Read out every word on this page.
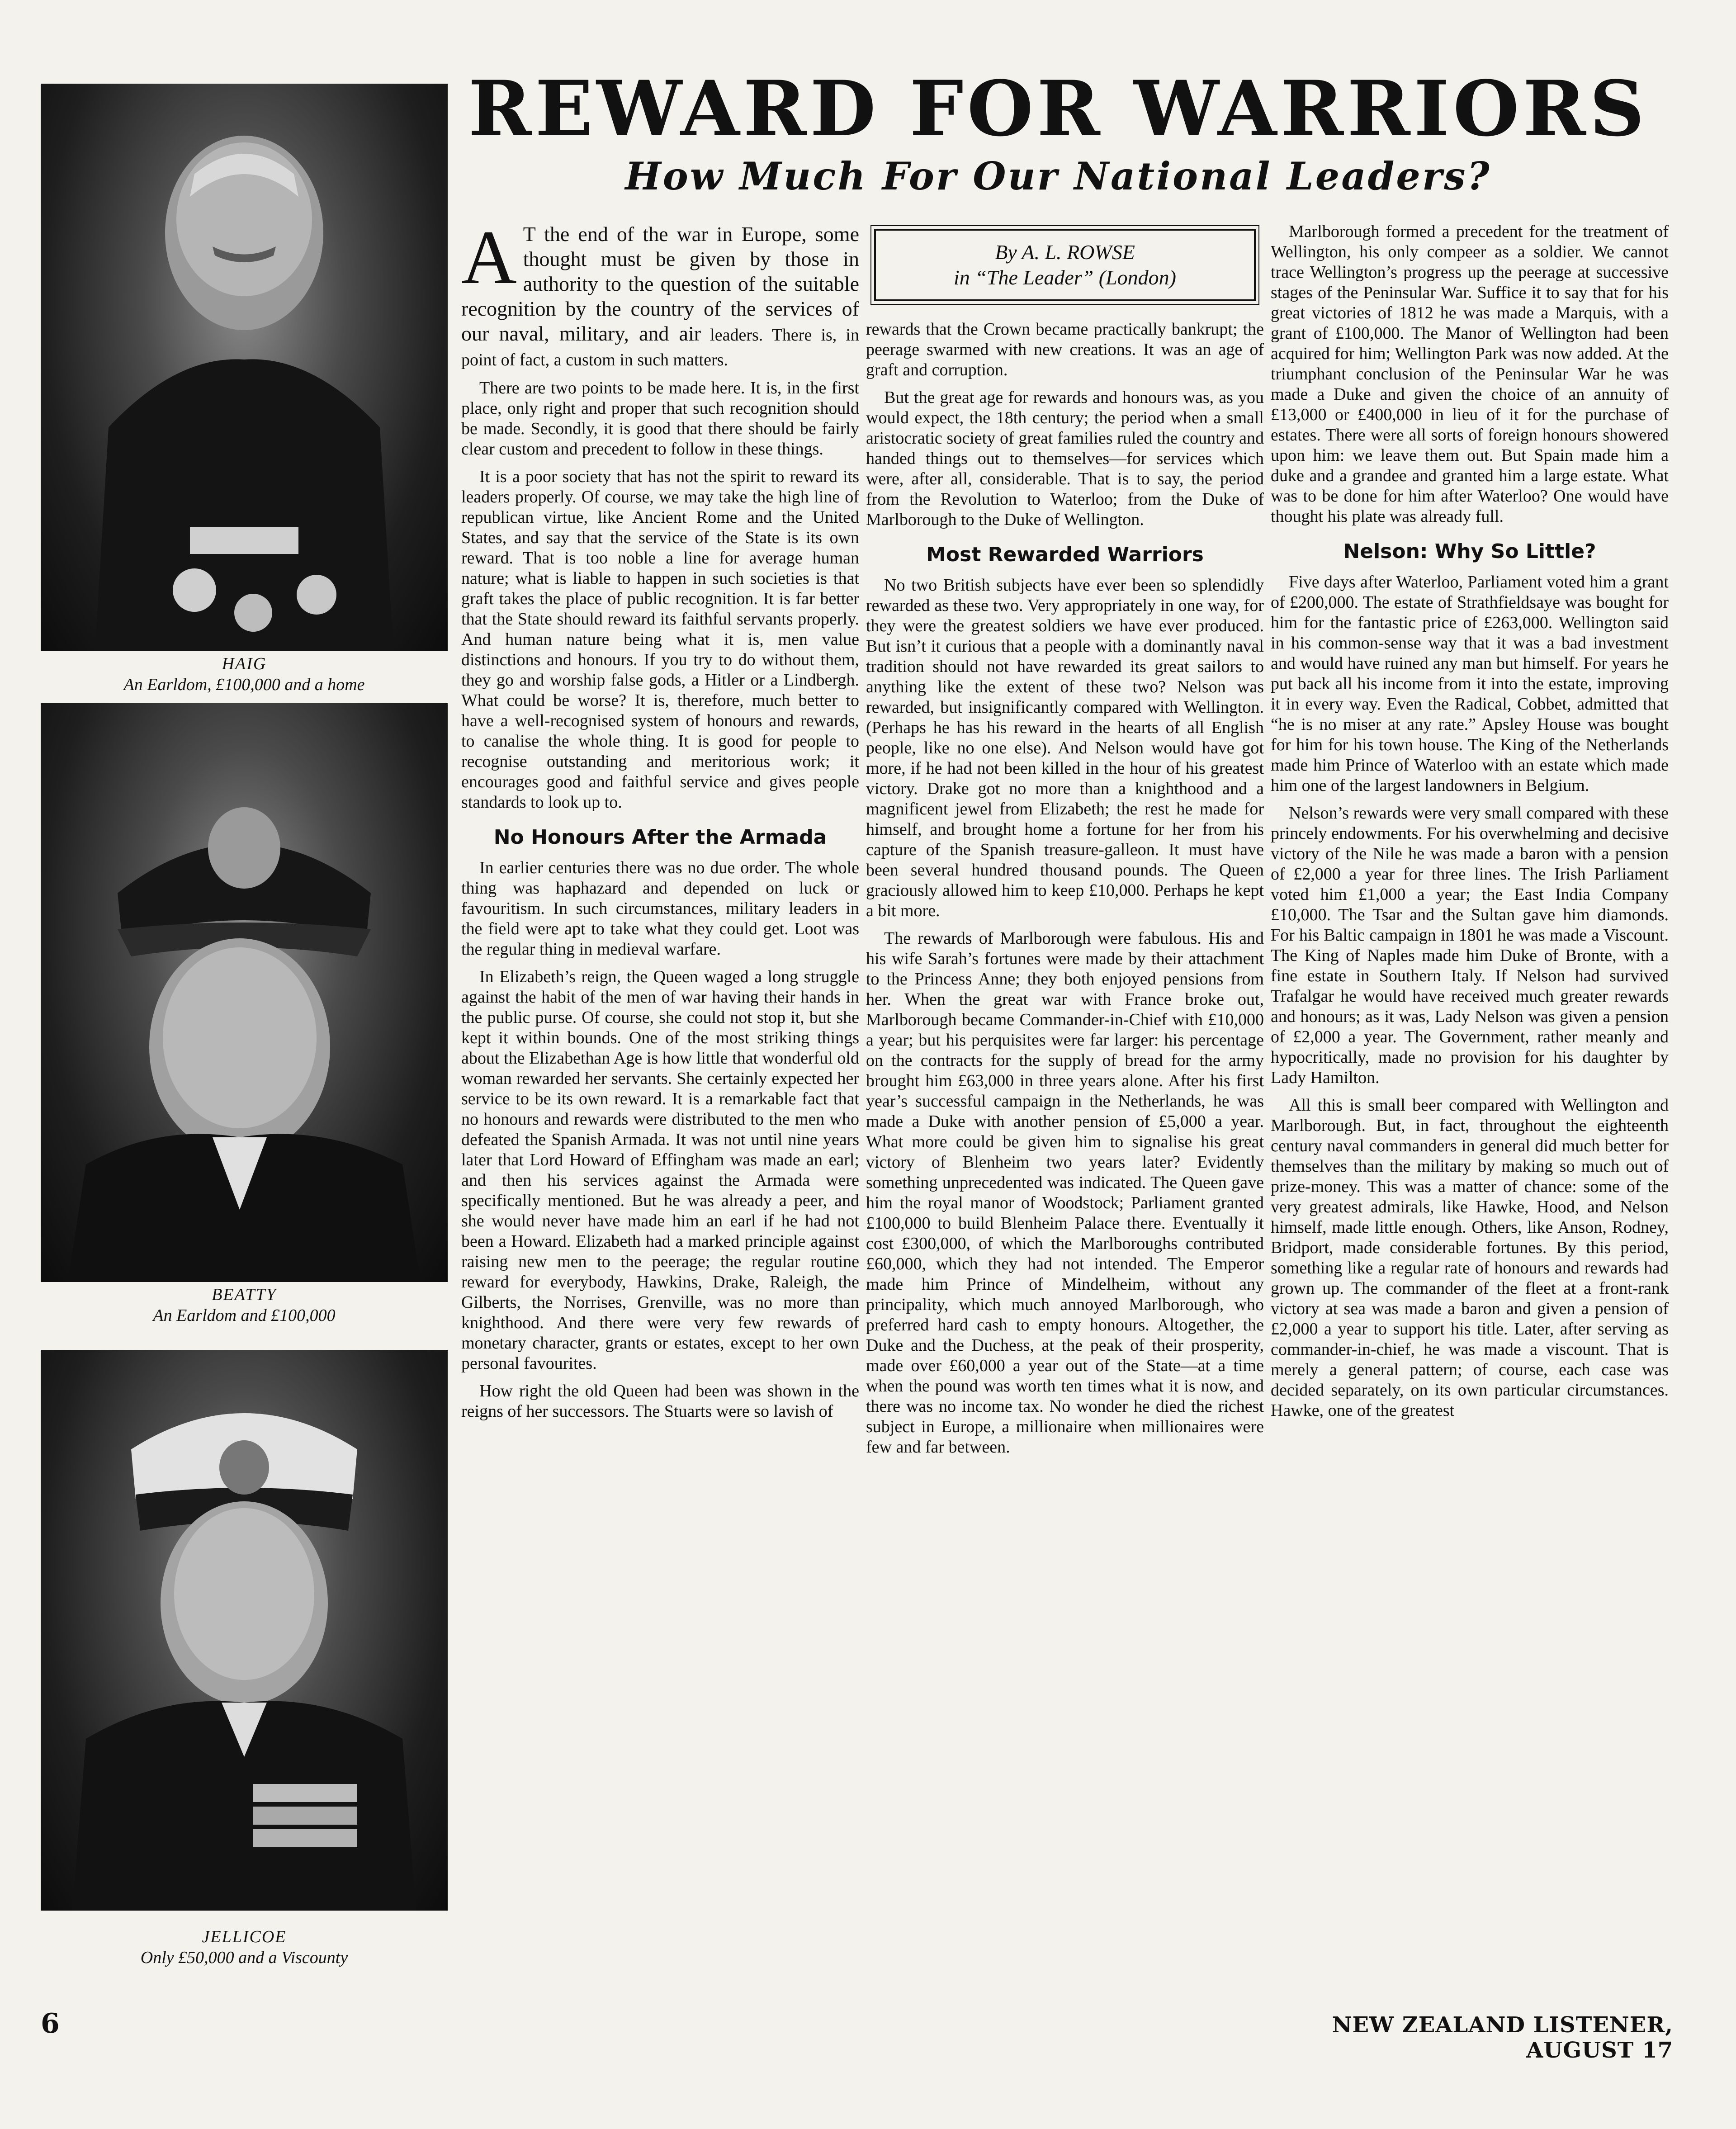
HAIG
An Earldom, £100,000 and a home
BEATTY
An Earldom and £100,000
JELLICOE
Only £50,000 and a Viscounty
REWARD FOR WARRIORS
How Much For Our National Leaders?

A T the end of the war in Europe, some thought must be given by those in authority to the question of the suitable recognition by the country of the services of our naval, military, and air leaders. There is, in point of fact, a custom in such matters.

There are two points to be made here. It is, in the first place, only right and proper that such recognition should be made. Secondly, it is good that there should be fairly clear custom and precedent to follow in these things.

It is a poor society that has not the spirit to reward its leaders properly. Of course, we may take the high line of republican virtue, like Ancient Rome and the United States, and say that the service of the State is its own reward. That is too noble a line for average human nature; what is liable to happen in such societies is that graft takes the place of public recognition. It is far better that the State should reward its faithful servants properly. And human nature being what it is, men value distinctions and honours. If you try to do without them, they go and worship false gods, a Hitler or a Lindbergh. What could be worse? It is, therefore, much better to have a well-recognised system of honours and rewards, to canalise the whole thing. It is good for people to recognise outstanding and meritorious work; it encourages good and faithful service and gives people standards to look up to.

No Honours After the Armada

In earlier centuries there was no due order. The whole thing was haphazard and depended on luck or favouritism. In such circumstances, military leaders in the field were apt to take what they could get. Loot was the regular thing in medieval warfare.

In Elizabeth’s reign, the Queen waged a long struggle against the habit of the men of war having their hands in the public purse. Of course, she could not stop it, but she kept it within bounds. One of the most striking things about the Elizabethan Age is how little that wonderful old woman rewarded her servants. She certainly expected her service to be its own reward. It is a remarkable fact that no honours and rewards were distributed to the men who defeated the Spanish Armada. It was not until nine years later that Lord Howard of Effingham was made an earl; and then his services against the Armada were specifically mentioned. But he was already a peer, and she would never have made him an earl if he had not been a Howard. Elizabeth had a marked principle against raising new men to the peerage; the regular routine reward for everybody, Hawkins, Drake, Raleigh, the Gilberts, the Norrises, Grenville, was no more than knighthood. And there were very few rewards of monetary character, grants or estates, except to her own personal favourites.

How right the old Queen had been was shown in the reigns of her successors. The Stuarts were so lavish of

By A. L. ROWSE
in “The Leader” (London)

rewards that the Crown became practically bankrupt; the peerage swarmed with new creations. It was an age of graft and corruption.

But the great age for rewards and honours was, as you would expect, the 18th century; the period when a small aristocratic society of great families ruled the country and handed things out to themselves—for services which were, after all, considerable. That is to say, the period from the Revolution to Waterloo; from the Duke of Marlborough to the Duke of Wellington.

Most Rewarded Warriors

No two British subjects have ever been so splendidly rewarded as these two. Very appropriately in one way, for they were the greatest soldiers we have ever produced. But isn’t it curious that a people with a dominantly naval tradition should not have rewarded its great sailors to anything like the extent of these two? Nelson was rewarded, but insignificantly compared with Wellington. (Perhaps he has his reward in the hearts of all English people, like no one else). And Nelson would have got more, if he had not been killed in the hour of his greatest victory. Drake got no more than a knighthood and a magnificent jewel from Elizabeth; the rest he made for himself, and brought home a fortune for her from his capture of the Spanish treasure-galleon. It must have been several hundred thousand pounds. The Queen graciously allowed him to keep £10,000. Perhaps he kept a bit more.

The rewards of Marlborough were fabulous. His and his wife Sarah’s fortunes were made by their attachment to the Princess Anne; they both enjoyed pensions from her. When the great war with France broke out, Marlborough became Commander-in-Chief with £10,000 a year; but his perquisites were far larger: his percentage on the contracts for the supply of bread for the army brought him £63,000 in three years alone. After his first year’s successful campaign in the Netherlands, he was made a Duke with another pension of £5,000 a year. What more could be given him to signalise his great victory of Blenheim two years later? Evidently something unprecedented was indicated. The Queen gave him the royal manor of Woodstock; Parliament granted £100,000 to build Blenheim Palace there. Eventually it cost £300,000, of which the Marlboroughs contributed £60,000, which they had not intended. The Emperor made him Prince of Mindelheim, without any principality, which much annoyed Marlborough, who preferred hard cash to empty honours. Altogether, the Duke and the Duchess, at the peak of their prosperity, made over £60,000 a year out of the State—at a time when the pound was worth ten times what it is now, and there was no income tax. No wonder he died the richest subject in Europe, a millionaire when millionaires were few and far between.

Marlborough formed a precedent for the treatment of Wellington, his only compeer as a soldier. We cannot trace Wellington’s progress up the peerage at successive stages of the Peninsular War. Suffice it to say that for his great victories of 1812 he was made a Marquis, with a grant of £100,000. The Manor of Wellington had been acquired for him; Wellington Park was now added. At the triumphant conclusion of the Peninsular War he was made a Duke and given the choice of an annuity of £13,000 or £400,000 in lieu of it for the purchase of estates. There were all sorts of foreign honours showered upon him: we leave them out. But Spain made him a duke and a grandee and granted him a large estate. What was to be done for him after Waterloo? One would have thought his plate was already full.

Nelson: Why So Little?

Five days after Waterloo, Parliament voted him a grant of £200,000. The estate of Strathfieldsaye was bought for him for the fantastic price of £263,000. Wellington said in his common-sense way that it was a bad investment and would have ruined any man but himself. For years he put back all his income from it into the estate, improving it in every way. Even the Radical, Cobbet, admitted that “he is no miser at any rate.” Apsley House was bought for him for his town house. The King of the Netherlands made him Prince of Waterloo with an estate which made him one of the largest landowners in Belgium.

Nelson’s rewards were very small compared with these princely endowments. For his overwhelming and decisive victory of the Nile he was made a baron with a pension of £2,000 a year for three lines. The Irish Parliament voted him £1,000 a year; the East India Company £10,000. The Tsar and the Sultan gave him diamonds. For his Baltic campaign in 1801 he was made a Viscount. The King of Naples made him Duke of Bronte, with a fine estate in Southern Italy. If Nelson had survived Trafalgar he would have received much greater rewards and honours; as it was, Lady Nelson was given a pension of £2,000 a year. The Government, rather meanly and hypocritically, made no provision for his daughter by Lady Hamilton.

All this is small beer compared with Wellington and Marlborough. But, in fact, throughout the eighteenth century naval commanders in general did much better for themselves than the military by making so much out of prize-money. This was a matter of chance: some of the very greatest admirals, like Hawke, Hood, and Nelson himself, made little enough. Others, like Anson, Rodney, Bridport, made considerable fortunes. By this period, something like a regular rate of honours and rewards had grown up. The commander of the fleet at a front-rank victory at sea was made a baron and given a pension of £2,000 a year to support his title. Later, after serving as commander-in-chief, he was made a viscount. That is merely a general pattern; of course, each case was decided separately, on its own particular circumstances. Hawke, one of the greatest

6	NEW ZEALAND LISTENER, AUGUST 17
